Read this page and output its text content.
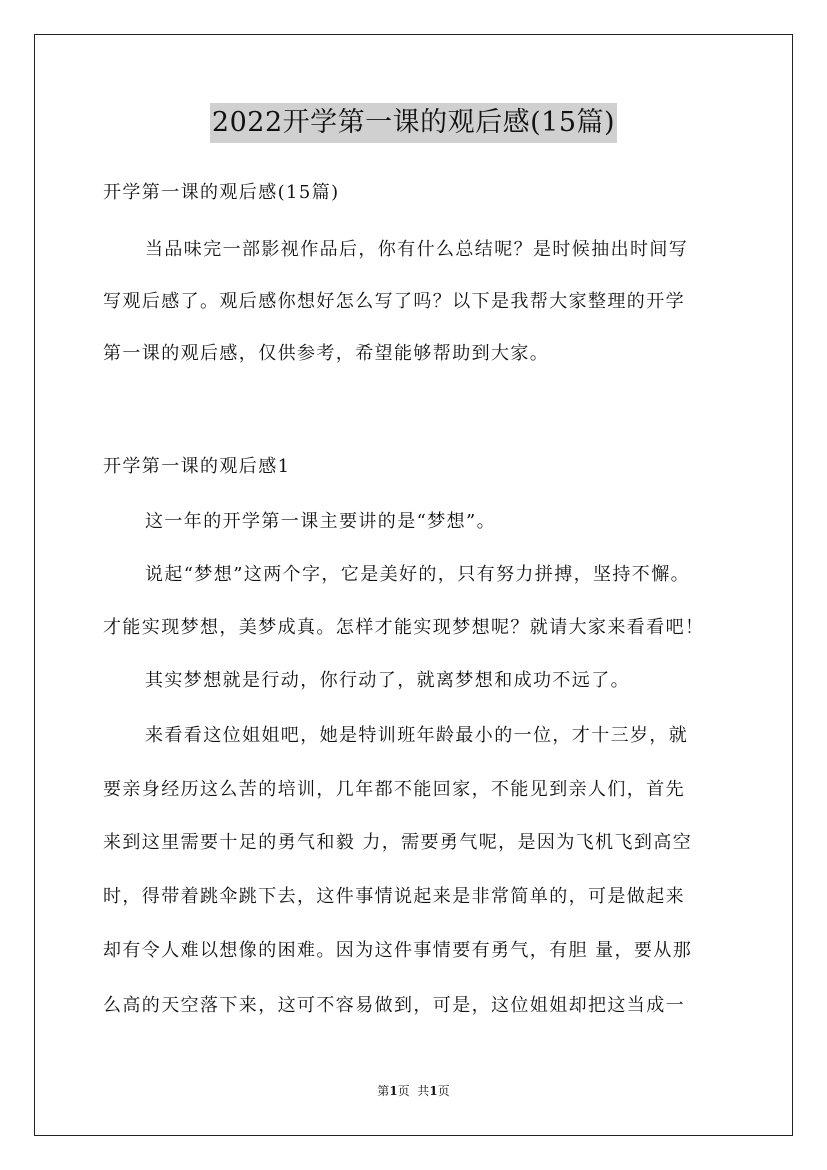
2022开学第一课的观后感(15篇)

开学第一课的观后感(15篇)

当品味完一部影视作品后，你有什么总结呢？是时候抽出时间写

写观后感了。观后感你想好怎么写了吗？以下是我帮大家整理的开学

第一课的观后感，仅供参考，希望能够帮助到大家。

开学第一课的观后感1

这一年的开学第一课主要讲的是“梦想”。

说起“梦想”这两个字，它是美好的，只有努力拼搏，坚持不懈。

才能实现梦想，美梦成真。怎样才能实现梦想呢？就请大家来看看吧！

其实梦想就是行动，你行动了，就离梦想和成功不远了。

来看看这位姐姐吧，她是特训班年龄最小的一位，才十三岁，就

要亲身经历这么苦的培训，几年都不能回家，不能见到亲人们，首先

来到这里需要十足的勇气和毅 力，需要勇气呢，是因为飞机飞到高空

时，得带着跳伞跳下去，这件事情说起来是非常简单的，可是做起来

却有令人难以想像的困难。因为这件事情要有勇气，有胆 量，要从那

么高的天空落下来，这可不容易做到，可是，这位姐姐却把这当成一

第1页  共1页
